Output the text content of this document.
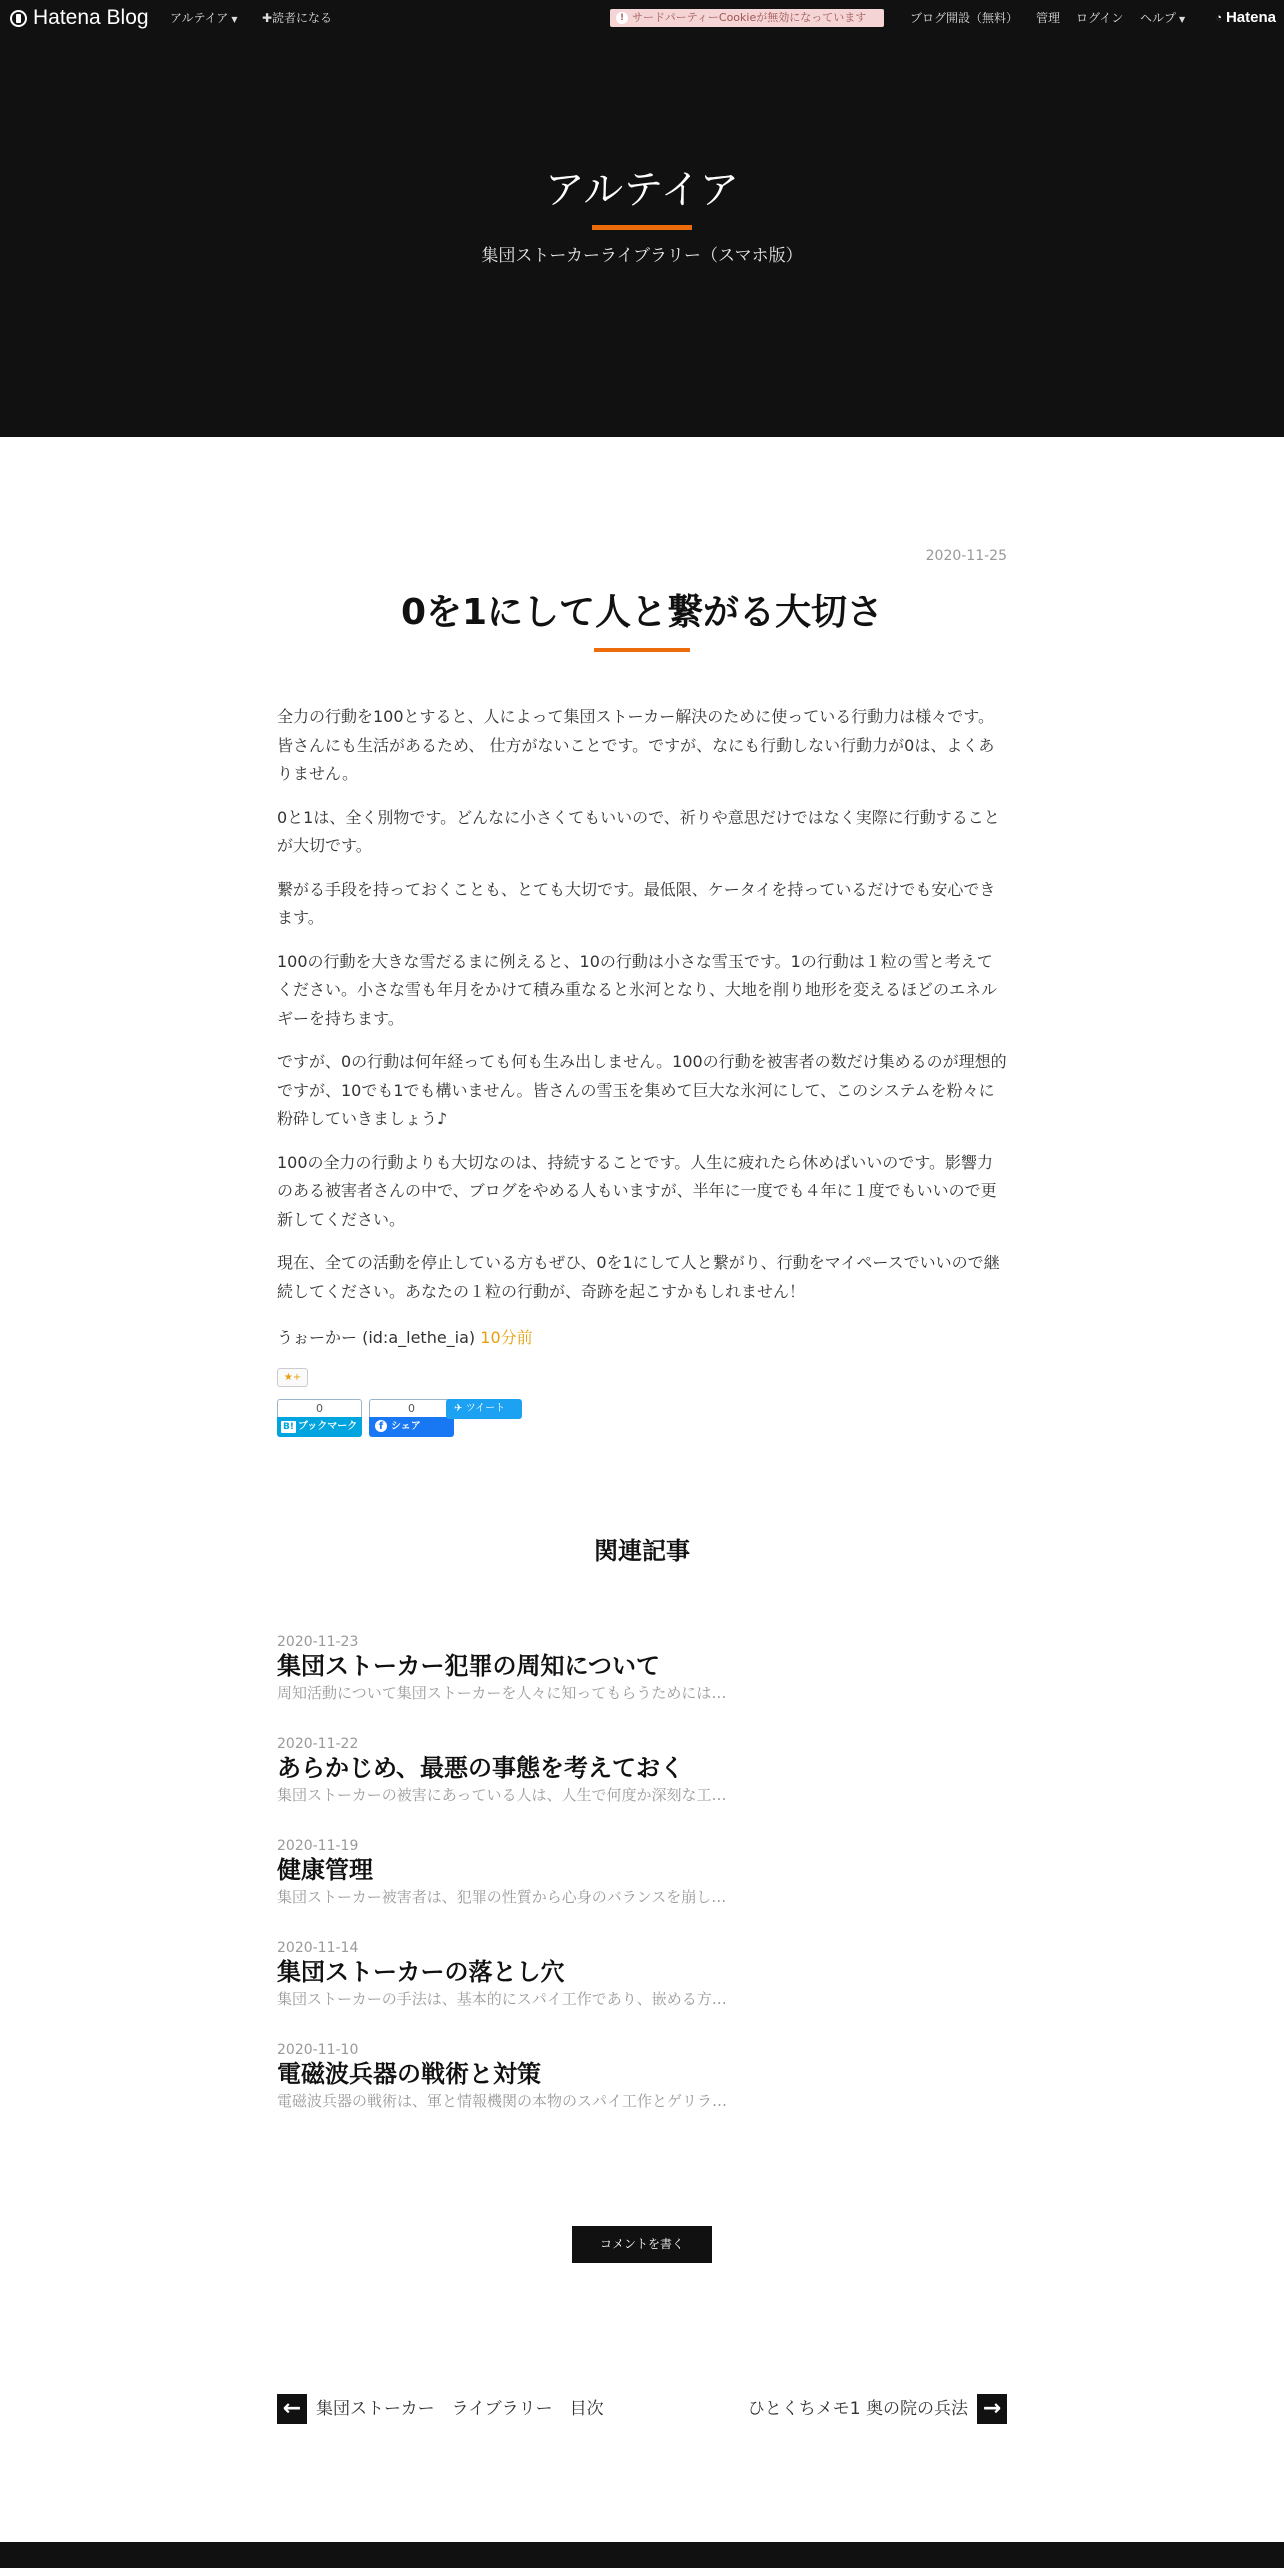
Hatena Blog アルテイア ▼ ✚読者になる	! サードパーティーCookieが無効になっています	ブログ開設（無料） 管理 ログイン ヘルプ ▼	◔ Hatena
アルテイア
集団ストーカーライブラリー（スマホ版）
2020-11-25
0を1にして人と繋がる大切さ

全力の行動を100とすると、人によって集団ストーカー解決のために使っている行動力は様々です。皆さんにも生活があるため、 仕方がないことです。ですが、なにも行動しない行動力が0は、よくありません。

0と1は、全く別物です。どんなに小さくてもいいので、祈りや意思だけではなく実際に行動することが大切です。

繋がる手段を持っておくことも、とても大切です。最低限、ケータイを持っているだけでも安心できます。

100の行動を大きな雪だるまに例えると、10の行動は小さな雪玉です。1の行動は１粒の雪と考えてください。小さな雪も年月をかけて積み重なると氷河となり、大地を削り地形を変えるほどのエネルギーを持ちます。

ですが、0の行動は何年経っても何も生み出しません。100の行動を被害者の数だけ集めるのが理想的ですが、10でも1でも構いません。皆さんの雪玉を集めて巨大な氷河にして、このシステムを粉々に粉砕していきましょう♪

100の全力の行動よりも大切なのは、持続することです。人生に疲れたら休めばいいのです。影響力のある被害者さんの中で、ブログをやめる人もいますが、半年に一度でも４年に１度でもいいので更新してください。

現在、全ての活動を停止している方もぜひ、0を1にして人と繋がり、行動をマイペースでいいので継続してください。あなたの１粒の行動が、奇跡を起こすかもしれません！

うぉーかー (id:a_lethe_ia) 10分前
★+
0
B! ブックマーク
0
f シェア
✈ ツイート
関連記事
2020-11-23
集団ストーカー犯罪の周知について
周知活動について集団ストーカーを人々に知ってもらうためには…
2020-11-22
あらかじめ、最悪の事態を考えておく
集団ストーカーの被害にあっている人は、人生で何度か深刻な工…
2020-11-19
健康管理
集団ストーカー被害者は、犯罪の性質から心身のバランスを崩し…
2020-11-14
集団ストーカーの落とし穴
集団ストーカーの手法は、基本的にスパイ工作であり、嵌める方…
2020-11-10
電磁波兵器の戦術と対策
電磁波兵器の戦術は、軍と情報機関の本物のスパイ工作とゲリラ…
コメントを書く
← 集団ストーカー　ライブラリー　目次	ひとくちメモ1 奥の院の兵法 →
